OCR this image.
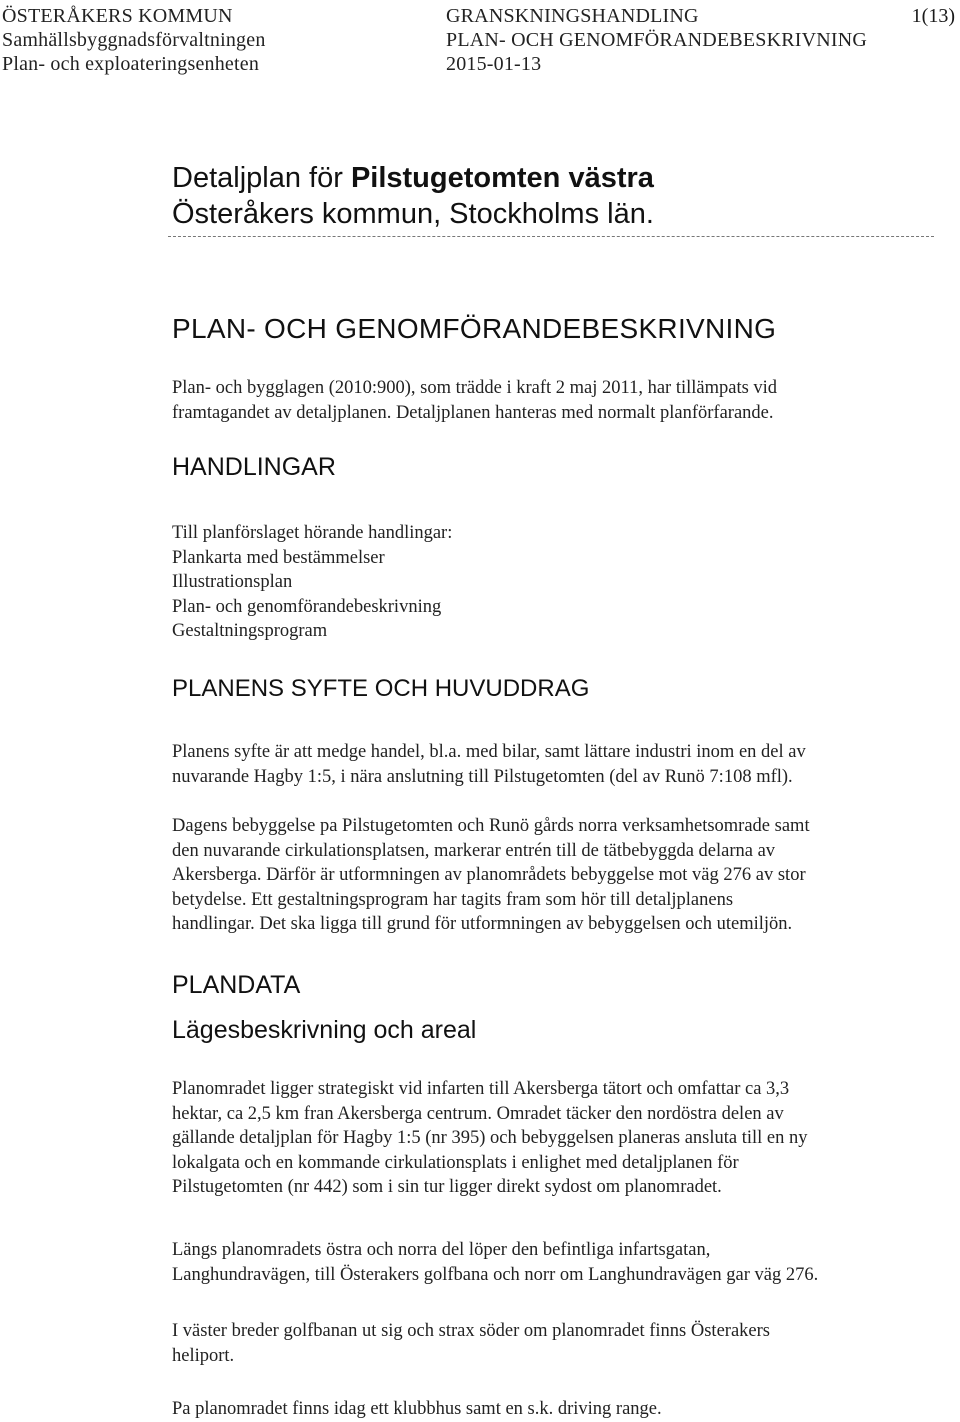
ÖSTERÅKERS KOMMUN
Samhällsbyggnadsförvaltningen
Plan- och exploateringsenheten
GRANSKNINGSHANDLING
PLAN- OCH GENOMFÖRANDEBESKRIVNING
2015-01-13
1(13)
Detaljplan för Pilstugetomten västra
Österåkers kommun, Stockholms län.
PLAN- OCH GENOMFÖRANDEBESKRIVNING
Plan- och bygglagen (2010:900), som trädde i kraft 2 maj 2011, har tillämpats vid
framtagandet av detaljplanen. Detaljplanen hanteras med normalt planförfarande.
HANDLINGAR
Till planförslaget hörande handlingar:
Plankarta med bestämmelser
Illustrationsplan
Plan- och genomförandebeskrivning
Gestaltningsprogram
PLANENS SYFTE OCH HUVUDDRAG
Planens syfte är att medge handel, bl.a. med bilar, samt lättare industri inom en del av
nuvarande Hagby 1:5, i nära anslutning till Pilstugetomten (del av Runö 7:108 mfl).
Dagens bebyggelse pa Pilstugetomten och Runö gårds norra verksamhetsomrade samt
den nuvarande cirkulationsplatsen, markerar entrén till de tätbebyggda delarna av
Akersberga. Därför är utformningen av planområdets bebyggelse mot väg 276 av stor
betydelse. Ett gestaltningsprogram har tagits fram som hör till detaljplanens
handlingar. Det ska ligga till grund för utformningen av bebyggelsen och utemiljön.
PLANDATA
Lägesbeskrivning och areal
Planomradet ligger strategiskt vid infarten till Akersberga tätort och omfattar ca 3,3
hektar, ca 2,5 km fran Akersberga centrum. Omradet täcker den nordöstra delen av
gällande detaljplan för Hagby 1:5 (nr 395) och bebyggelsen planeras ansluta till en ny
lokalgata och en kommande cirkulationsplats i enlighet med detaljplanen för
Pilstugetomten (nr 442) som i sin tur ligger direkt sydost om planomradet.
Längs planomradets östra och norra del löper den befintliga infartsgatan,
Langhundravägen, till Österakers golfbana och norr om Langhundravägen gar väg 276.
I väster breder golfbanan ut sig och strax söder om planomradet finns Österakers
heliport.
Pa planomradet finns idag ett klubbhus samt en s.k. driving range.
